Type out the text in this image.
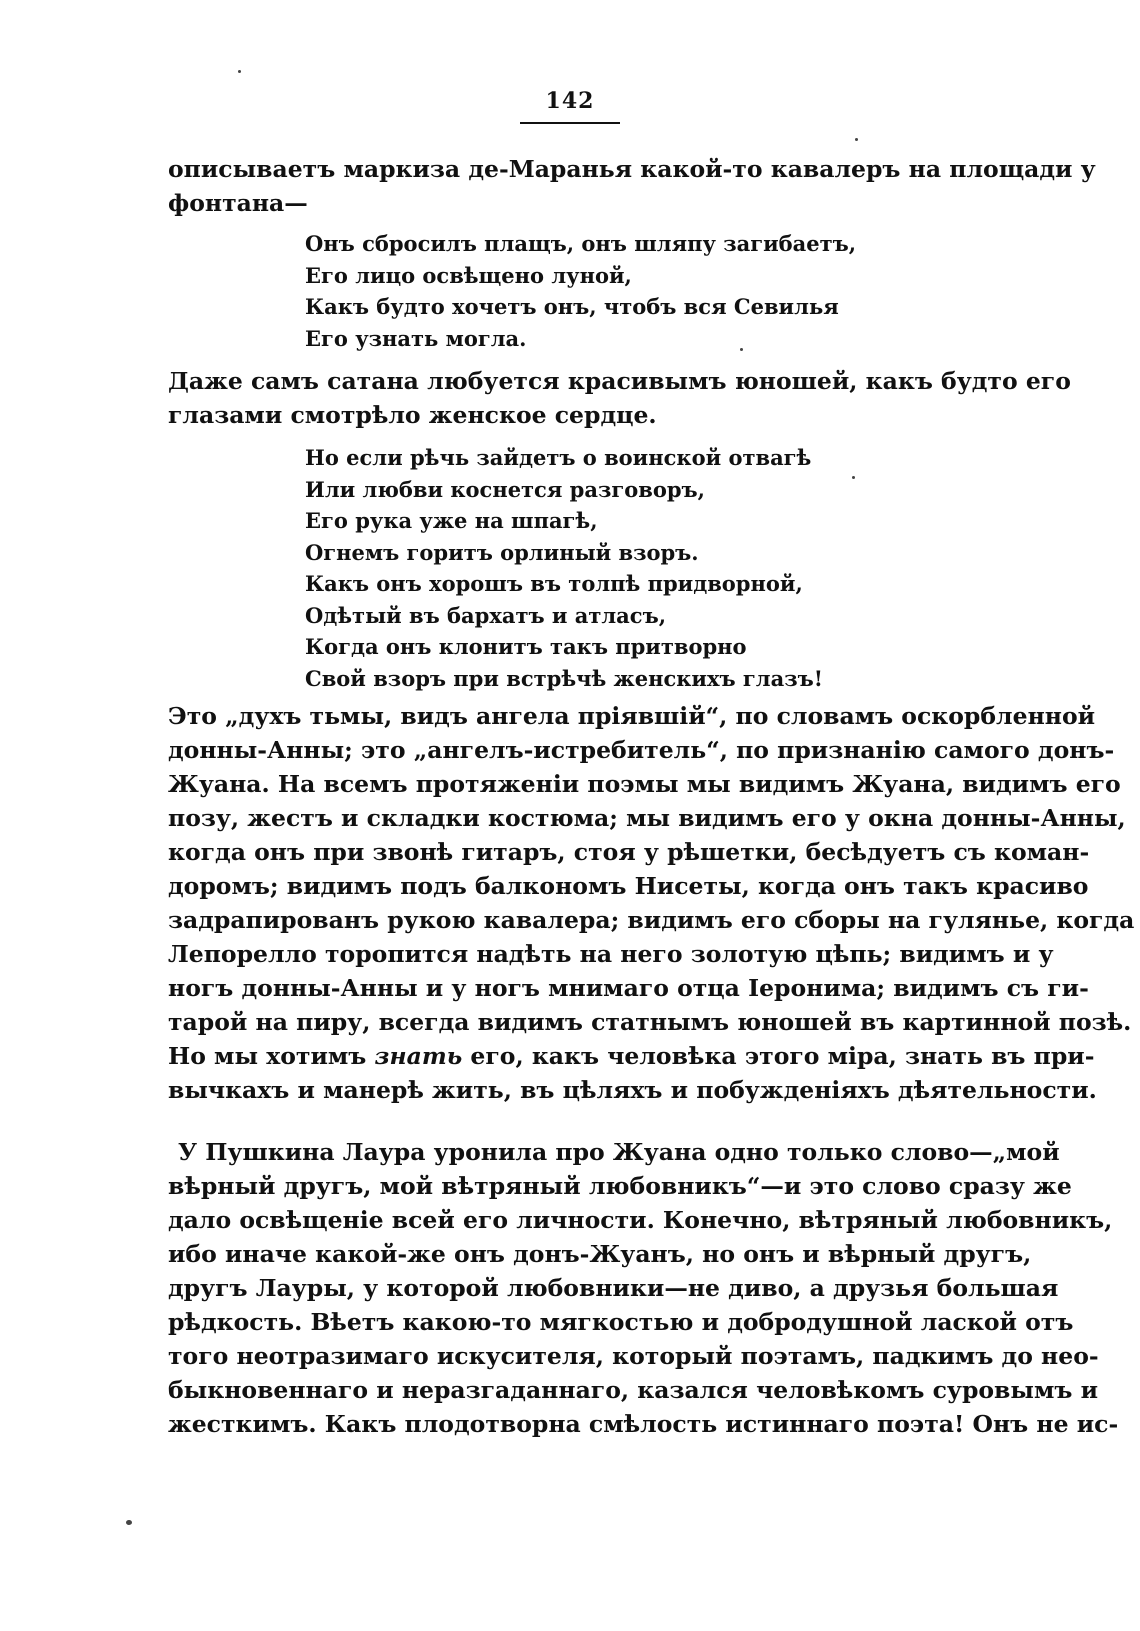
142
описываетъ маркиза де-Маранья какой-то кавалеръ на площади у
фонтана—
Онъ сбросилъ плащъ, онъ шляпу загибаетъ,
Его лицо освѣщено луной,
Какъ будто хочетъ онъ, чтобъ вся Севилья
Его узнать могла.
Даже самъ сатана любуется красивымъ юношей, какъ будто его
глазами смотрѣло женское сердце.
Но если рѣчь зайдетъ о воинской отвагѣ
Или любви коснется разговоръ,
Его рука уже на шпагѣ,
Огнемъ горитъ орлиный взоръ.
Какъ онъ хорошъ въ толпѣ придворной,
Одѣтый въ бархатъ и атласъ,
Когда онъ клонитъ такъ притворно
Свой взоръ при встрѣчѣ женскихъ глазъ!
Это „духъ тьмы, видъ ангела пріявшій“, по словамъ оскорбленной
донны-Анны; это „ангелъ-истребитель“, по признанію самого донъ-
Жуана. На всемъ протяженіи поэмы мы видимъ Жуана, видимъ его
позу, жестъ и складки костюма; мы видимъ его у окна донны-Анны,
когда онъ при звонѣ гитаръ, стоя у рѣшетки, бесѣдуетъ съ коман-
доромъ; видимъ подъ балкономъ Нисеты, когда онъ такъ красиво
задрапированъ рукою кавалера; видимъ его сборы на гулянье, когда
Лепорелло торопится надѣть на него золотую цѣпь; видимъ и у
ногъ донны-Анны и у ногъ мнимаго отца Іеронима; видимъ съ ги-
тарой на пиру, всегда видимъ статнымъ юношей въ картинной позѣ.
Но мы хотимъ знать его, какъ человѣка этого міра, знать въ при-
вычкахъ и манерѣ жить, въ цѣляхъ и побужденіяхъ дѣятельности.
У Пушкина Лаура уронила про Жуана одно только слово—„мой
вѣрный другъ, мой вѣтряный любовникъ“—и это слово сразу же
дало освѣщеніе всей его личности. Конечно, вѣтряный любовникъ,
ибо иначе какой-же онъ донъ-Жуанъ, но онъ и вѣрный другъ,
другъ Лауры, у которой любовники—не диво, а друзья большая
рѣдкость. Вѣетъ какою-то мягкостью и добродушной лаской отъ
того неотразимаго искусителя, который поэтамъ, падкимъ до нео-
быкновеннаго и неразгаданнаго, казался человѣкомъ суровымъ и
жесткимъ. Какъ плодотворна смѣлость истиннаго поэта! Онъ не ис-
